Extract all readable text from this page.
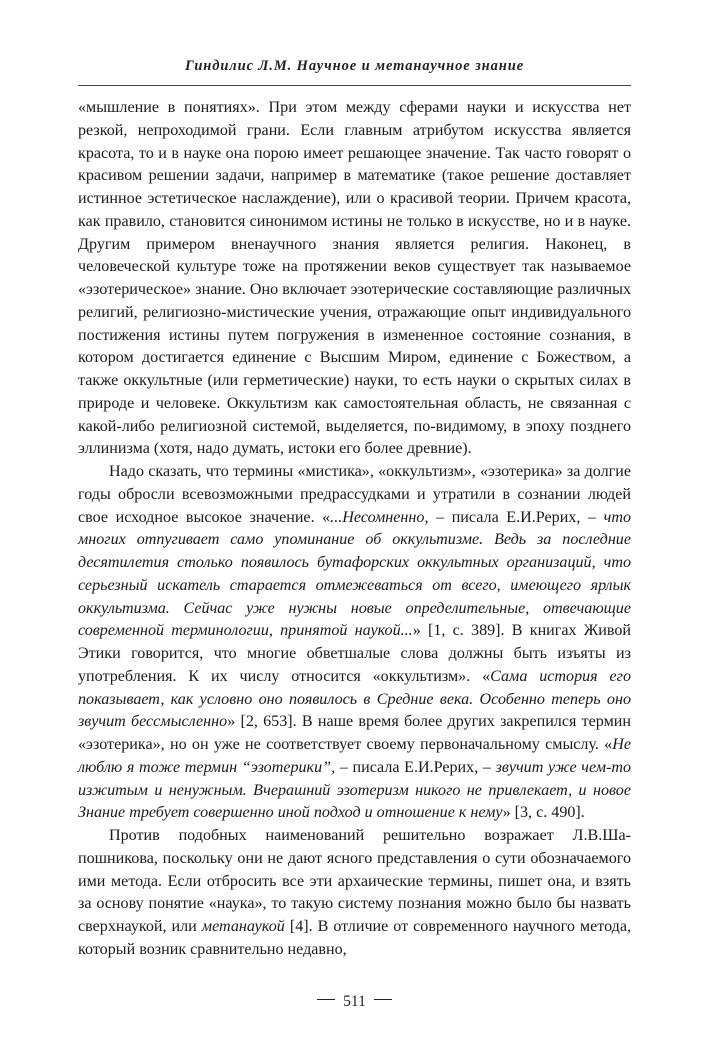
Гиндилис Л.М. Научное и метанаучное знание

«мышление в понятиях». При этом между сферами науки и искусства нет резкой, непроходимой грани. Если главным атрибутом искусства является красота, то и в науке она порою имеет решающее значение. Так часто говорят о красивом решении задачи, например в математике (такое решение доставляет истинное эстетическое наслаждение), или о красивой теории. Причем красота, как правило, становится синонимом истины не только в искусстве, но и в науке. Другим примером вненаучного знания является религия. Наконец, в человеческой культуре тоже на протяжении веков существует так называемое «эзотерическое» знание. Оно включает эзотерические составляющие различных религий, религиозно-мистические учения, отражающие опыт индивидуального постижения истины путем погружения в измененное состояние сознания, в котором достигается единение с Высшим Миром, единение с Божеством, а также оккультные (или герметические) науки, то есть науки о скрытых силах в природе и человеке. Оккультизм как самостоятельная область, не связанная с какой-либо религиозной системой, выделяется, по-видимому, в эпоху позднего эллинизма (хотя, надо думать, истоки его более древние).

Надо сказать, что термины «мистика», «оккультизм», «эзотерика» за долгие годы обросли всевозможными предрассудками и утратили в сознании людей свое исходное высокое значение. «...Несомненно, – писала Е.И.Рерих, – что многих отпугивает само упоминание об оккультизме. Ведь за последние десятилетия столько появилось бутафорских оккультных организаций, что серьезный искатель старается отмежеваться от всего, имеющего ярлык оккультизма. Сейчас уже нужны новые определительные, отвечающие современной терминологии, принятой наукой...» [1, с. 389]. В книгах Живой Этики говорится, что многие обветшалые слова должны быть изъяты из употребления. К их числу относится «оккультизм». «Сама история его показывает, как условно оно появилось в Средние века. Особенно теперь оно звучит бессмысленно» [2, 653]. В наше время более других закрепился термин «эзотерика», но он уже не соответствует своему первоначальному смыслу. «Не люблю я тоже термин “эзотерики”, – писала Е.И.Рерих, – звучит уже чем-то изжитым и ненужным. Вчерашний эзотеризм никого не привлекает, и новое Знание требует совершенно иной подход и отношение к нему» [3, с. 490].

Против подобных наименований решительно возражает Л.В.Шапошникова, поскольку они не дают ясного представления о сути обозначаемого ими метода. Если отбросить все эти архаические термины, пишет она, и взять за основу понятие «наука», то такую систему познания можно было бы назвать сверхнаукой, или метанаукой [4]. В отличие от современного научного метода, который возник сравнительно недавно,

511
